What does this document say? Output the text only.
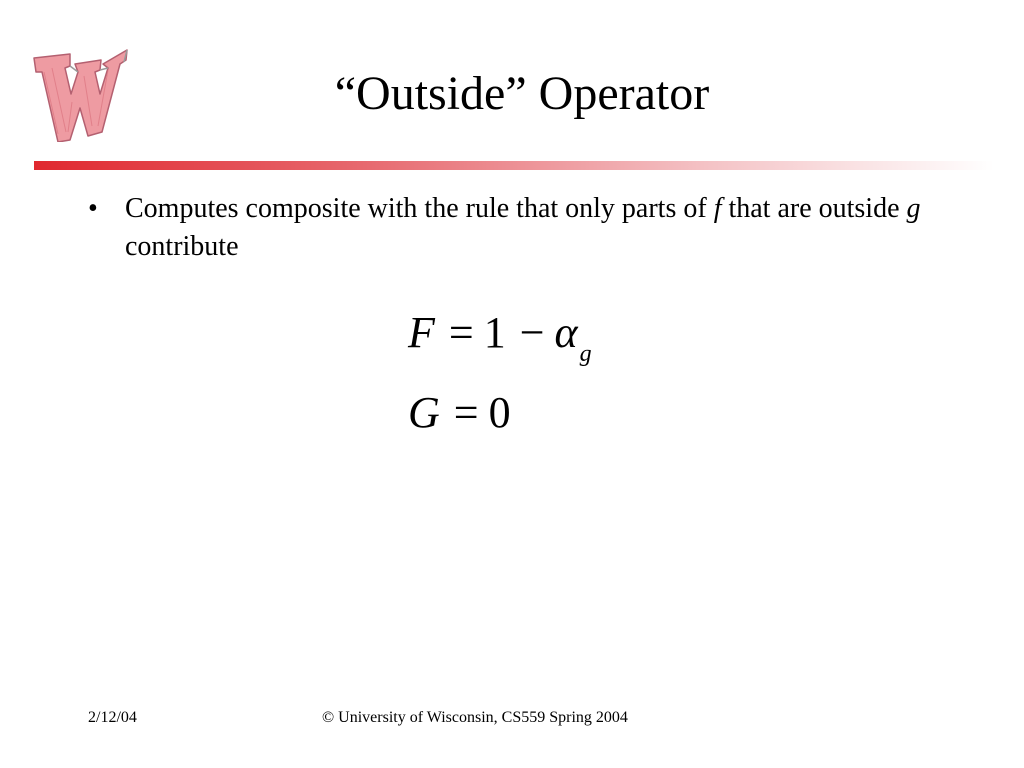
“Outside” Operator
• Computes composite with the rule that only parts of f that are outside g contribute
$F = 1 - \alpha_g$
G = 0
2/12/04	© University of Wisconsin, CS559 Spring 2004
